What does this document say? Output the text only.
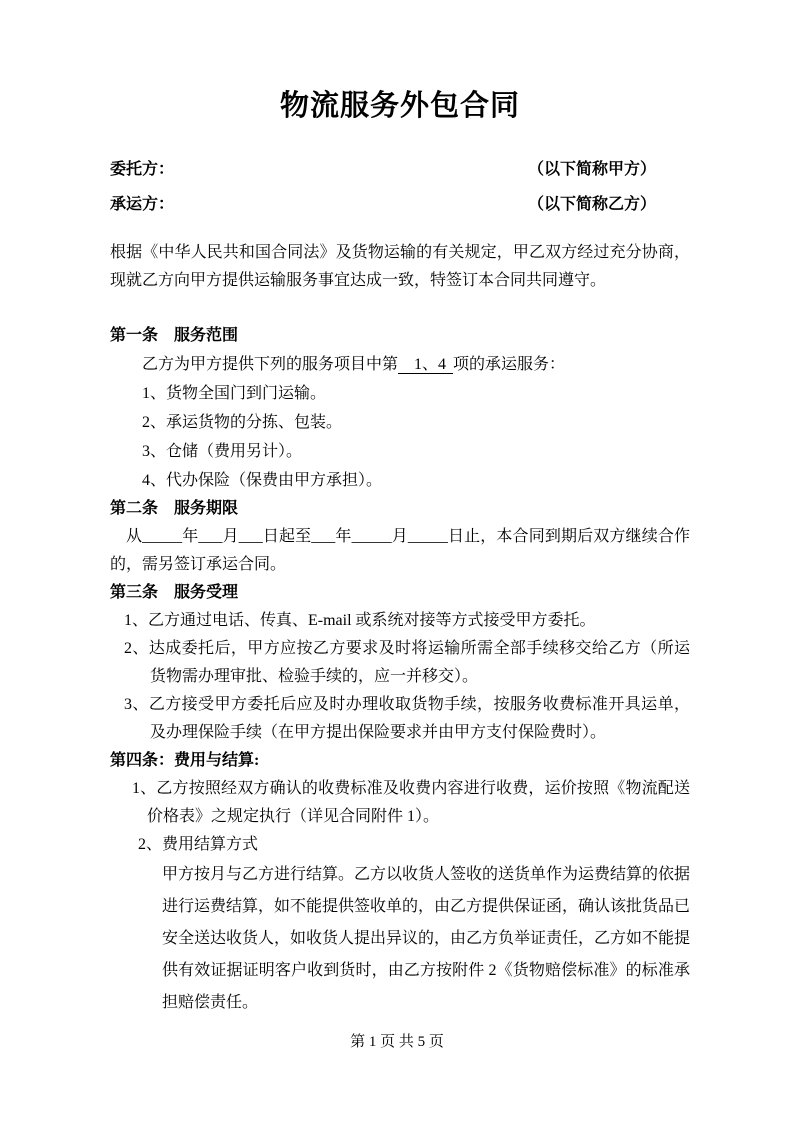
物流服务外包合同
委托方：	（以下简称甲方）
承运方：	（以下简称乙方）

根据《中华人民共和国合同法》及货物运输的有关规定，甲乙双方经过充分协商，现就乙方向甲方提供运输服务事宜达成一致，特签订本合同共同遵守。

第一条　服务范围

乙方为甲方提供下列的服务项目中第　1、4 项的承运服务：

1、货物全国门到门运输。

2、承运货物的分拣、包装。

3、仓储（费用另计）。

4、代办保险（保费由甲方承担）。

第二条　服务期限

从_____年___月___日起至___年_____月_____日止，本合同到期后双方继续合作的，需另签订承运合同。

第三条　服务受理

1、乙方通过电话、传真、E-mail 或系统对接等方式接受甲方委托。

2、达成委托后，甲方应按乙方要求及时将运输所需全部手续移交给乙方（所运货物需办理审批、检验手续的，应一并移交）。

3、乙方接受甲方委托后应及时办理收取货物手续，按服务收费标准开具运单，及办理保险手续（在甲方提出保险要求并由甲方支付保险费时）。

第四条：费用与结算:

1、乙方按照经双方确认的收费标准及收费内容进行收费，运价按照《物流配送价格表》之规定执行（详见合同附件 1）。

2、费用结算方式

甲方按月与乙方进行结算。乙方以收货人签收的送货单作为运费结算的依据进行运费结算，如不能提供签收单的，由乙方提供保证函，确认该批货品已安全送达收货人，如收货人提出异议的，由乙方负举证责任，乙方如不能提供有效证据证明客户收到货时，由乙方按附件 2《货物赔偿标准》的标准承担赔偿责任。

第 1 页 共 5 页
